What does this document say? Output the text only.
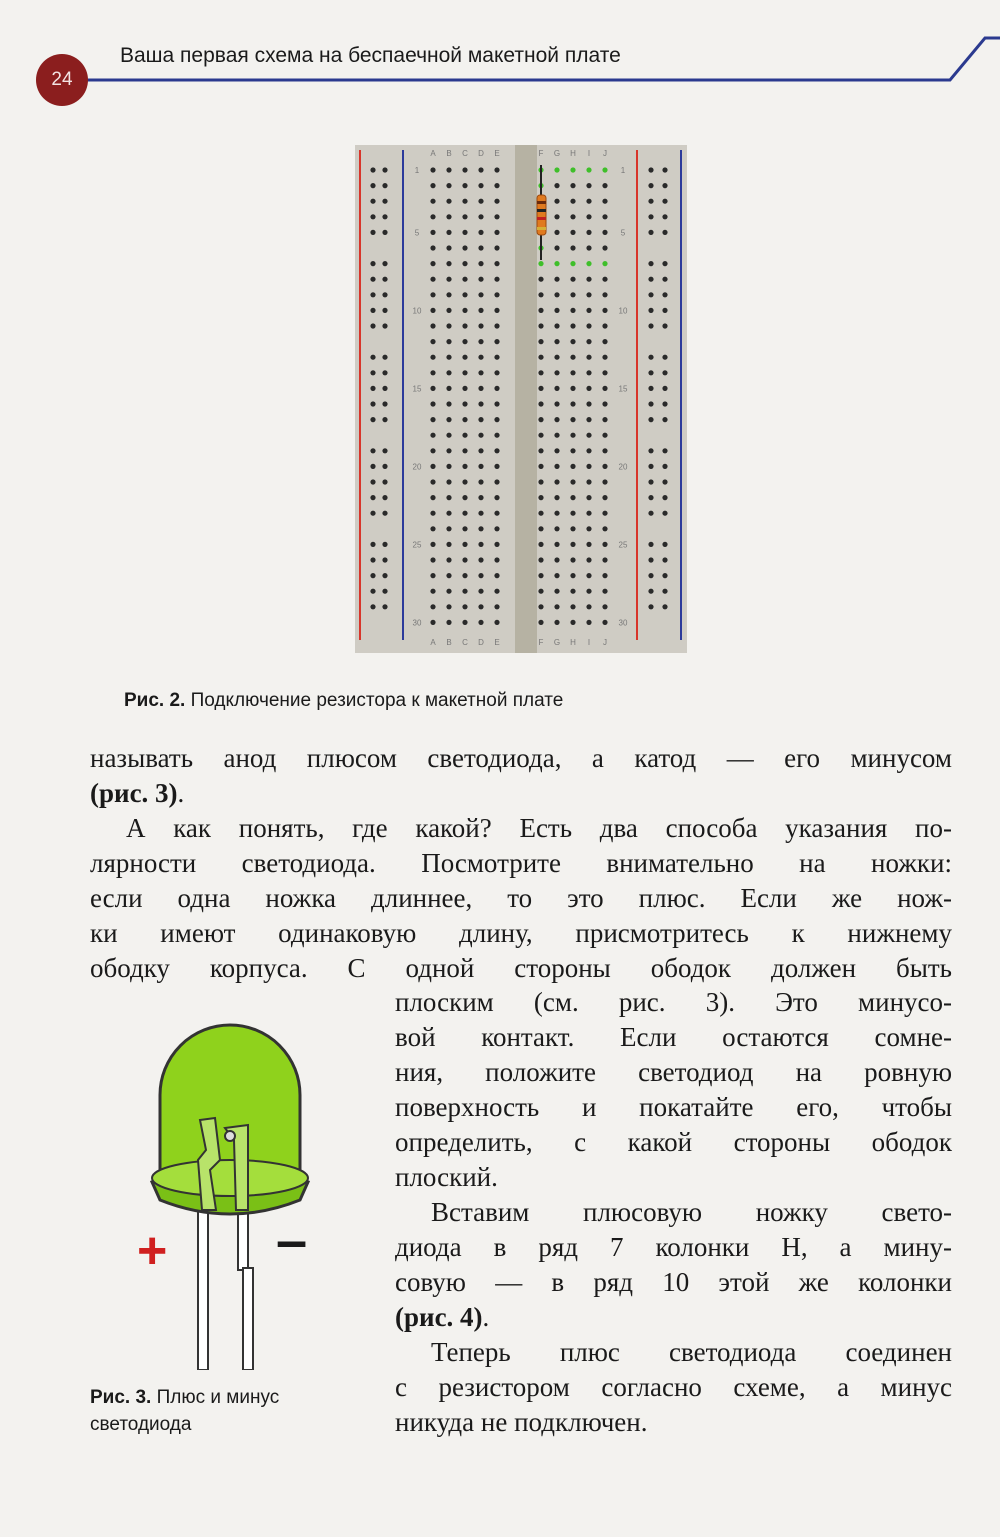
24
Ваша первая схема на беспаечной макетной плате
A
A
B
B
C
C
D
D
E
E
F
F
G
G
H
H
I
I
J
J
1	1
5	5
10	10
15	15
20	20
25	25
30	30
Рис. 2. Подключение резистора к макетной плате
называть анод плюсом светодиода, а катод — его минусом
(рис. 3).
А как понять, где какой? Есть два способа указания по-
лярности светодиода. Посмотрите внимательно на ножки:
если одна ножка длиннее, то это плюс. Если же нож-
ки имеют одинаковую длину, присмотритесь к нижнему
ободку корпуса. С одной стороны ободок должен быть
плоским (см. рис. 3). Это минусо-
вой контакт. Если остаются сомне-
ния, положите светодиод на ровную
поверхность и покатайте его, чтобы
определить, с какой стороны ободок
плоский.
Вставим плюсовую ножку свето-
диода в ряд 7 колонки H, а мину-
совую — в ряд 10 этой же колонки
(рис. 4).
Теперь плюс светодиода соединен
с резистором согласно схеме, а минус
никуда не подключен.
+ –
Рис. 3. Плюс и минус
светодиода
